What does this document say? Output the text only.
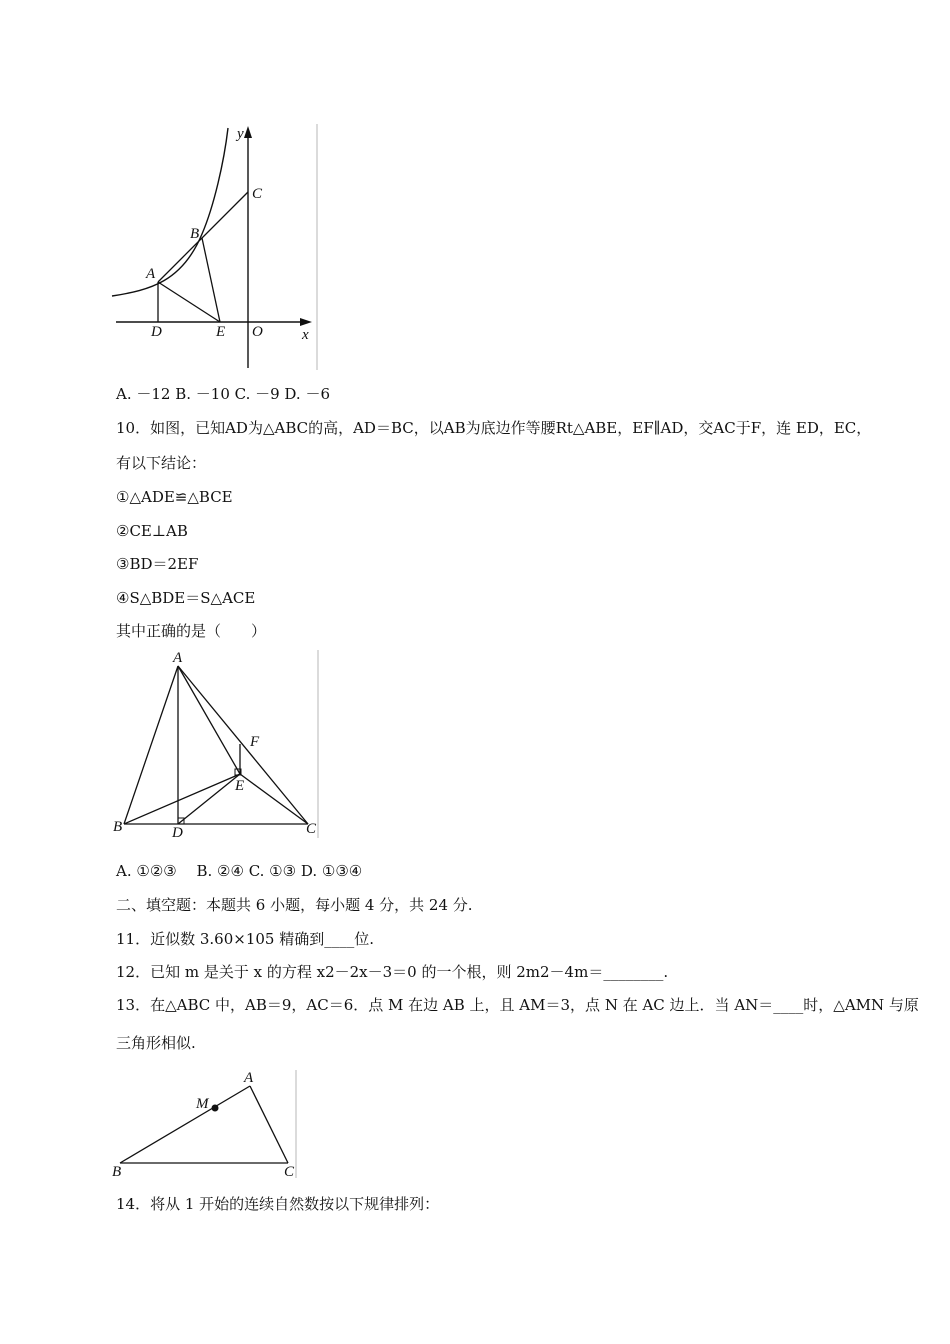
y
x
C
B
A
D	E O
A. －12 B. －10 C. －9 D. －6
10．如图，已知AD为△ABC的高，AD＝BC，以AB为底边作等腰Rt△ABE，EF∥AD，交AC于F，连 ED，EC，
有以下结论：
①△ADE≌△BCE
②CE⊥AB
③BD＝2EF
④S△BDE＝S△ACE
其中正确的是（　　）
A
F
E
B	D	C
A. ①②③　 B. ②④ C. ①③ D. ①③④
二、填空题：本题共 6 小题，每小题 4 分，共 24 分.
11．近似数 3.60×105 精确到____位.
12．已知 m 是关于 x 的方程 x2－2x－3＝0 的一个根，则 2m2－4m＝________.
13．在△ABC 中，AB＝9，AC＝6．点 M 在边 AB 上，且 AM＝3，点 N 在 AC 边上．当 AN＝____时，△AMN 与原
三角形相似.
A
M
B	C
14．将从 1 开始的连续自然数按以下规律排列：
